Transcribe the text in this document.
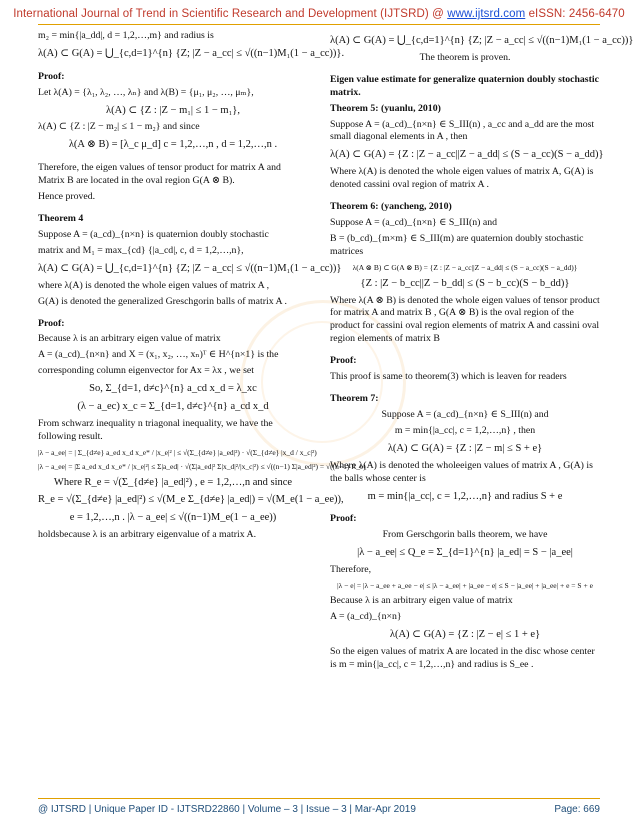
International Journal of Trend in Scientific Research and Development (IJTSRD) @ www.ijtsrd.com eISSN: 2456-6470

m₂ = min{|a_dd|, d = 1,2,…,m} and radius is

λ(A) ⊂ G(A) = ⋃_{c,d=1}^{n} {Z; |Z − a_cc| ≤ √((n−1)M₁(1 − a_cc))}.

Proof:

Let λ(A) = {λ₁, λ₂, …, λₙ} and λ(B) = {μ₁, μ₂, …, μₘ},

λ(A) ⊂ {Z : |Z − m₁| ≤ 1 − m₁},

λ(A) ⊂ {Z : |Z − m₂| ≤ 1 − m₂} and since

λ(A ⊗ B) = [λ_c μ_d] c = 1,2,…,n , d = 1,2,…,n .

Therefore, the eigen values of tensor product for matrix A and Matrix B are located in the oval region G(A ⊗ B).

Hence proved.

Theorem 4

Suppose A = (a_cd)_{n×n} is quaternion doubly stochastic

matrix and M₁ = max_{cd} {|a_cd|, c, d = 1,2,…,n},

λ(A) ⊂ G(A) = ⋃_{c,d=1}^{n} {Z; |Z − a_cc| ≤ √((n−1)M₁(1 − a_cc))}

where λ(A) is denoted the whole eigen values of matrix A ,

G(A) is denoted the generalized Greschgorin balls of matrix A .

Proof:

Because λ is an arbitrary eigen value of matrix

A = (a_cd)_{n×n} and X = (x₁, x₂, …, xₙ)ᵀ ∈ H^{n×1} is the

corresponding column eigenvector for Ax = λx , we set

So, Σ_{d=1, d≠c}^{n} a_cd x_d = λ_xc
(λ − a_ec) x_c = Σ_{d=1, d≠c}^{n} a_cd x_d

From schwarz inequality n triagonal inequality, we have the following result.

|λ − a_ee| = | Σ_{d≠e} a_ed x_d x_e* / |x_e|² | ≤ √(Σ_{d≠e} |a_ed|²) · √(Σ_{d≠e} |x_d / x_c|²)
|λ − a_ee| = |Σ a_ed x_d x_e* / |x_e|²| ≤ Σ|a_ed| · √(Σ|a_ed|² Σ|x_d|²/|x_c|²) ≤ √((n−1) Σ|a_ed|²) = √((n−1) R_e)
Where R_e = √(Σ_{d≠e} |a_ed|²) , e = 1,2,…,n and since
R_e = √(Σ_{d≠e} |a_ed|²) ≤ √(M_e Σ_{d≠e} |a_ed|) = √(M_e(1 − a_ee)),
e = 1,2,…,n . |λ − a_ee| ≤ √((n−1)M_e(1 − a_ee))

holdsbecause λ is an arbitrary eigenvalue of a matrix A.

λ(A) ⊂ G(A) = ⋃_{c,d=1}^{n} {Z; |Z − a_cc| ≤ √((n−1)M₁(1 − a_cc))}

The theorem is proven.

Eigen value estimate for generalize quaternion doubly stochastic matrix.

Theorem 5: (yuanlu, 2010)

Suppose A = (a_cd)_{n×n} ∈ S_III(n) , a_cc and a_dd are the most small diagonal elements in A , then

λ(A) ⊂ G(A) = {Z : |Z − a_cc||Z − a_dd| ≤ (S − a_cc)(S − a_dd)}

Where λ(A) is denoted the whole eigen values of matrix A, G(A) is denoted cassini oval region of matrix A .

Theorem 6: (yancheng, 2010)

Suppose A = (a_cd)_{n×n} ∈ S_III(n) and

B = (b_cd)_{m×m} ∈ S_III(m) are quaternion doubly stochastic matrices

λ(A ⊗ B) ⊂ G(A ⊗ B) = {Z : |Z − a_cc||Z − a_dd| ≤ (S − a_cc)(S − a_dd)}
{Z : |Z − b_cc||Z − b_dd| ≤ (S − b_cc)(S − b_dd)}

Where λ(A ⊗ B) is denoted the whole eigen values of tensor product for matrix A and matrix B , G(A ⊗ B) is the oval region of the product for cassini oval region elements of matrix A and cassini oval region elements of matrix B

Proof:

This proof is same to theorem(3) which is leaven for readers

Theorem 7:

Suppose A = (a_cd)_{n×n} ∈ S_III(n) and

m = min{|a_cc|, c = 1,2,…,n} , then

λ(A) ⊂ G(A) = {Z : |Z − m| ≤ S + e}

Where λ(A) is denoted the wholeeigen values of matrix A , G(A) is the balls whose center is

m = min{|a_cc|, c = 1,2,…,n} and radius S + e

Proof:

From Gerschgorin balls theorem, we have

|λ − a_ee| ≤ Q_e = Σ_{d=1}^{n} |a_ed| = S − |a_ee|

Therefore,

|λ − e| = |λ − a_ee + a_ee − e| ≤ |λ − a_ee| + |a_ee − e| ≤ S − |a_ee| + |a_ee| + e = S + e

Because λ is an arbitrary eigen value of matrix

A = (a_cd)_{n×n}

λ(A) ⊂ G(A) = {Z : |Z − e| ≤ 1 + e}

So the eigen values of matrix A are located in the disc whose center is m = min{|a_cc|, c = 1,2,…,n} and radius is S_ee .

@ IJTSRD | Unique Paper ID - IJTSRD22860 | Volume – 3 | Issue – 3 | Mar-Apr 2019	Page: 669
